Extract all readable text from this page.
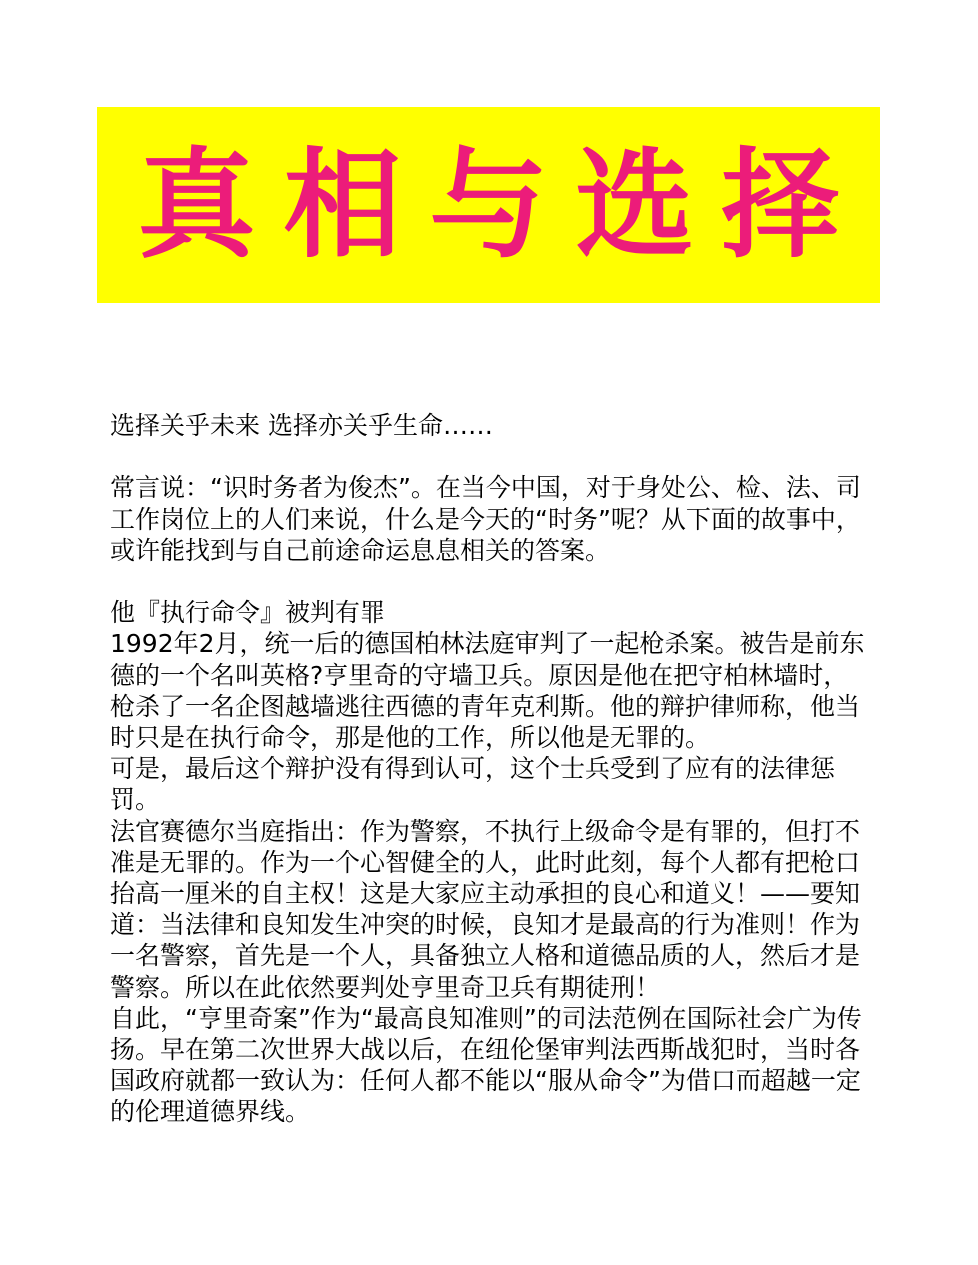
真相与选择

选择关乎未来 选择亦关乎生命……

常言说：“识时务者为俊杰”。在当今中国，对于身处公、检、法、司工作岗位上的人们来说，什么是今天的“时务”呢？从下面的故事中，或许能找到与自己前途命运息息相关的答案。

他『执行命令』被判有罪

1992年2月，统一后的德国柏林法庭审判了一起枪杀案。被告是前东德的一个名叫英格?亨里奇的守墙卫兵。原因是他在把守柏林墙时，枪杀了一名企图越墙逃往西德的青年克利斯。他的辩护律师称，他当时只是在执行命令，那是他的工作，所以他是无罪的。

可是，最后这个辩护没有得到认可，这个士兵受到了应有的法律惩罚。

法官赛德尔当庭指出：作为警察，不执行上级命令是有罪的，但打不准是无罪的。作为一个心智健全的人，此时此刻，每个人都有把枪口抬高一厘米的自主权！这是大家应主动承担的良心和道义！——要知道：当法律和良知发生冲突的时候，良知才是最高的行为准则！作为一名警察，首先是一个人，具备独立人格和道德品质的人，然后才是警察。所以在此依然要判处亨里奇卫兵有期徒刑！

自此，“亨里奇案”作为“最高良知准则”的司法范例在国际社会广为传扬。早在第二次世界大战以后，在纽伦堡审判法西斯战犯时，当时各国政府就都一致认为：任何人都不能以“服从命令”为借口而超越一定的伦理道德界线。
